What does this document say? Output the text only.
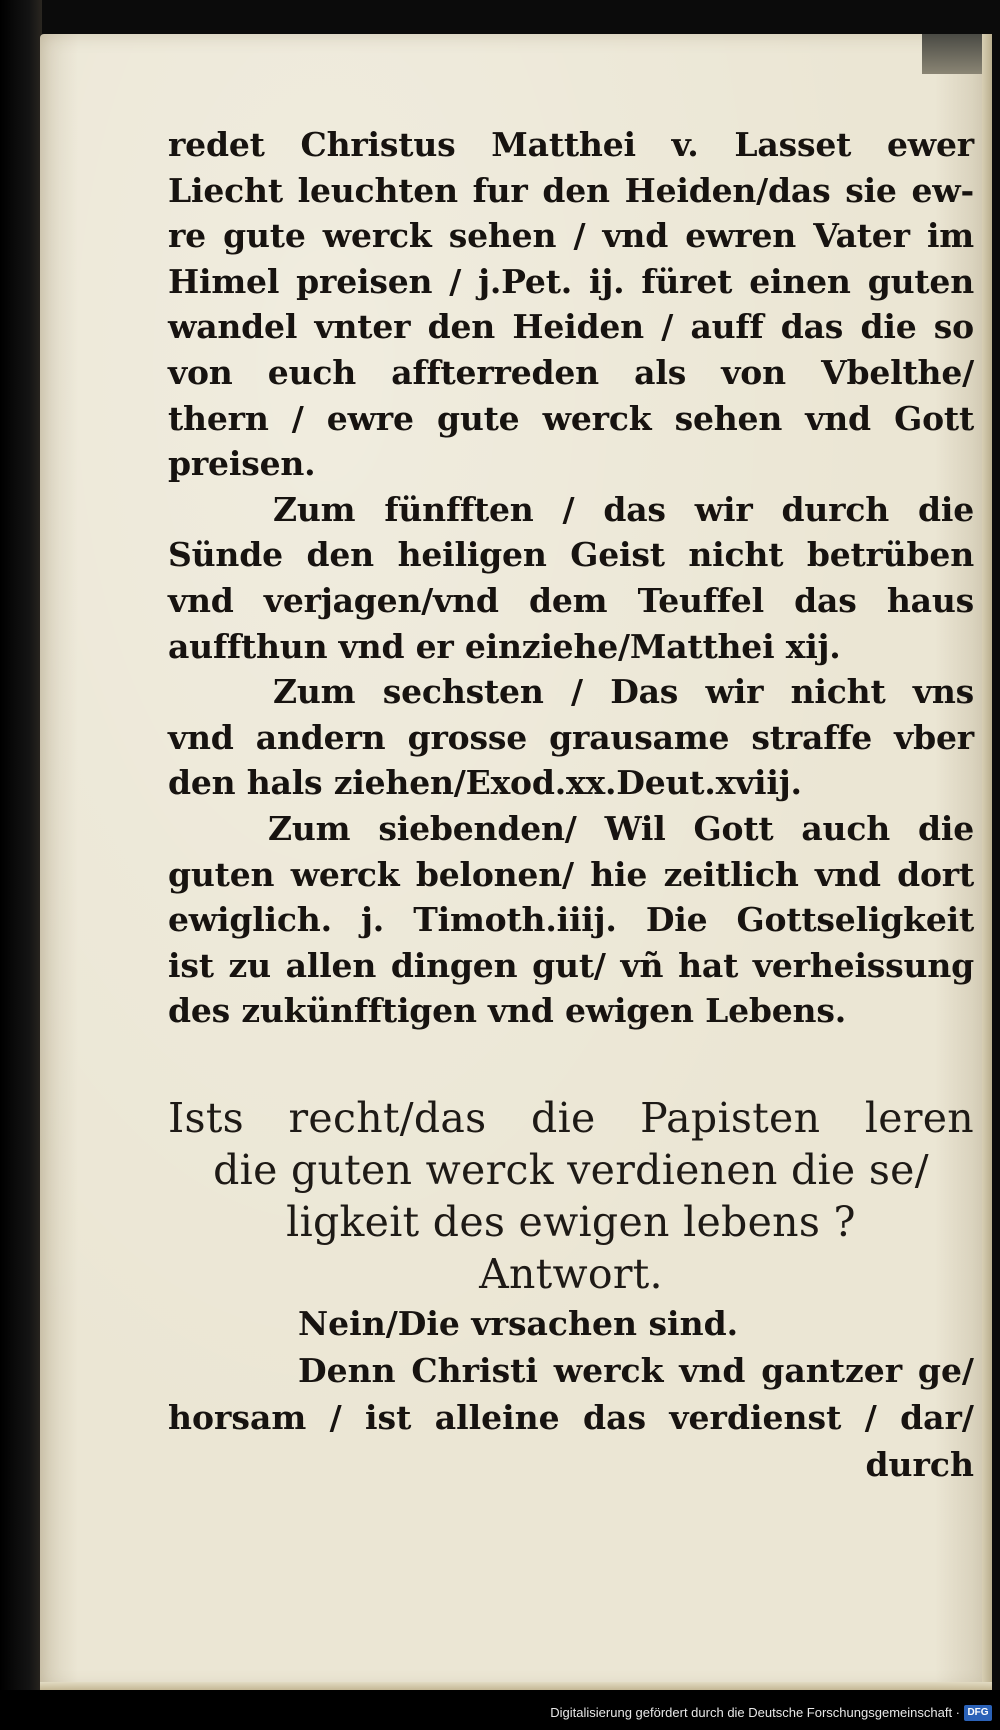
redet Christus Matthei v. Lasset ewer
Liecht leuchten fur den Heiden/das sie ew-
re gute werck sehen / vnd ewren Vater im
Himel preisen / j.Pet. ij. füret einen guten
wandel vnter den Heiden / auff das die so
von euch affterreden als von Vbelthe/
thern / ewre gute werck sehen vnd Gott
preisen.
Zum fünfften / das wir durch die
Sünde den heiligen Geist nicht betrüben
vnd verjagen/vnd dem Teuffel das haus
auffthun vnd er einziehe/Matthei xij.
Zum sechsten / Das wir nicht vns
vnd andern grosse grausame straffe vber
den hals ziehen/Exod.xx.Deut.xviij.
Zum siebenden/ Wil Gott auch die
guten werck belonen/ hie zeitlich vnd dort
ewiglich. j. Timoth.iiij. Die Gottseligkeit
ist zu allen dingen gut/ vñ hat verheissung
des zukünfftigen vnd ewigen Lebens.
Ists recht/das die Papisten leren
die guten werck verdienen die se/
ligkeit des ewigen lebens ?
Antwort.
Nein/Die vrsachen sind.
Denn Christi werck vnd gantzer ge/
horsam / ist alleine das verdienst / dar/
durch
Digitalisierung gefördert durch die Deutsche Forschungsgemeinschaft · DFG
